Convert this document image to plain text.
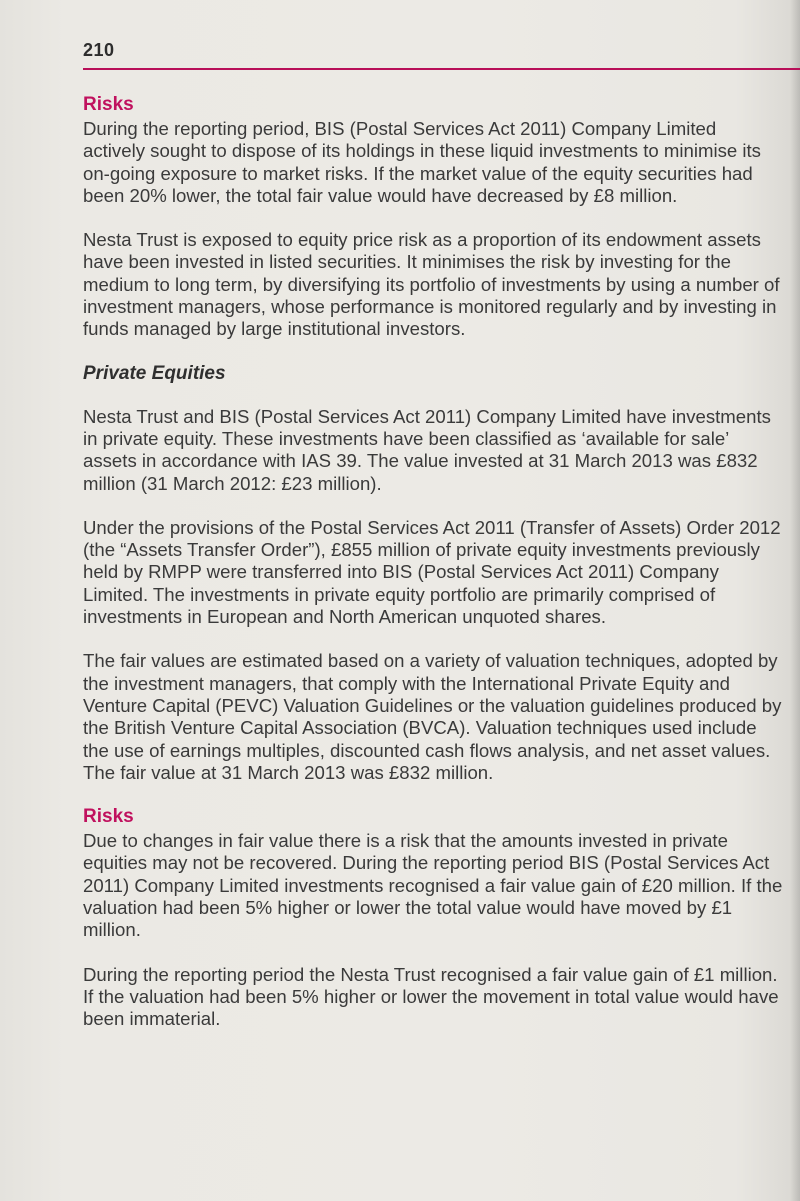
210
Risks

During the reporting period, BIS (Postal Services Act 2011) Company Limited actively sought to dispose of its holdings in these liquid investments to minimise its on-going exposure to market risks. If the market value of the equity securities had been 20% lower, the total fair value would have decreased by £8 million.

Nesta Trust is exposed to equity price risk as a proportion of its endowment assets have been invested in listed securities. It minimises the risk by investing for the medium to long term, by diversifying its portfolio of investments by using a number of investment managers, whose performance is monitored regularly and by investing in funds managed by large institutional investors.

Private Equities

Nesta Trust and BIS (Postal Services Act 2011) Company Limited have investments in private equity. These investments have been classified as ‘available for sale’ assets in accordance with IAS 39. The value invested at 31 March 2013 was £832 million (31 March 2012: £23 million).

Under the provisions of the Postal Services Act 2011 (Transfer of Assets) Order 2012 (the “Assets Transfer Order”), £855 million of private equity investments previously held by RMPP were transferred into BIS (Postal Services Act 2011) Company Limited. The investments in private equity portfolio are primarily comprised of investments in European and North American unquoted shares.

The fair values are estimated based on a variety of valuation techniques, adopted by the investment managers, that comply with the International Private Equity and Venture Capital (PEVC) Valuation Guidelines or the valuation guidelines produced by the British Venture Capital Association (BVCA). Valuation techniques used include the use of earnings multiples, discounted cash flows analysis, and net asset values. The fair value at 31 March 2013 was £832 million.

Risks

Due to changes in fair value there is a risk that the amounts invested in private equities may not be recovered. During the reporting period BIS (Postal Services Act 2011) Company Limited investments recognised a fair value gain of £20 million. If the valuation had been 5% higher or lower the total value would have moved by £1 million.

During the reporting period the Nesta Trust recognised a fair value gain of £1 million. If the valuation had been 5% higher or lower the movement in total value would have been immaterial.
